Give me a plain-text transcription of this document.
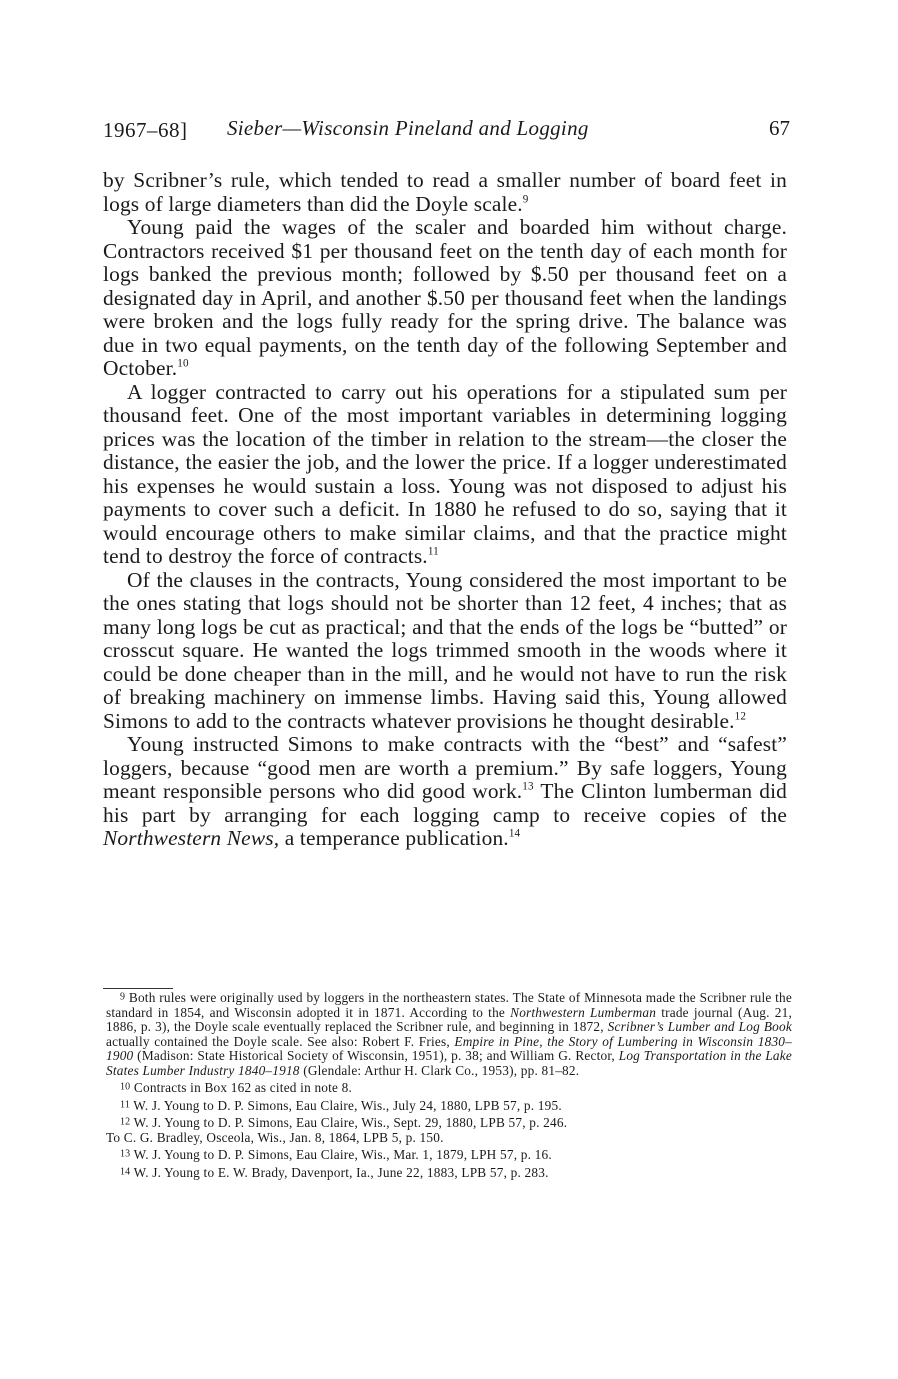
1967–68] Sieber—Wisconsin Pineland and Logging	67

by Scribner’s rule, which tended to read a smaller number of board feet in logs of large diameters than did the Doyle scale.$^9$

Young paid the wages of the scaler and boarded him without charge. Contractors received $1 per thousand feet on the tenth day of each month for logs banked the previous month; followed by $.50 per thousand feet on a designated day in April, and another $.50 per thousand feet when the landings were broken and the logs fully ready for the spring drive. The balance was due in two equal payments, on the tenth day of the following September and October.$^{10}$

A logger contracted to carry out his operations for a stipulated sum per thousand feet. One of the most important variables in determining logging prices was the location of the timber in relation to the stream—the closer the distance, the easier the job, and the lower the price. If a logger underestimated his expenses he would sustain a loss. Young was not disposed to adjust his payments to cover such a deficit. In 1880 he refused to do so, saying that it would encourage others to make similar claims, and that the practice might tend to destroy the force of contracts.$^{11}$

Of the clauses in the contracts, Young considered the most important to be the ones stating that logs should not be shorter than 12 feet, 4 inches; that as many long logs be cut as practical; and that the ends of the logs be “butted” or crosscut square. He wanted the logs trimmed smooth in the woods where it could be done cheaper than in the mill, and he would not have to run the risk of breaking machinery on immense limbs. Having said this, Young allowed Simons to add to the contracts whatever provisions he thought desirable.$^{12}$

Young instructed Simons to make contracts with the “best” and “safest” loggers, because “good men are worth a premium.” By safe loggers, Young meant responsible persons who did good work.$^{13}$ The Clinton lumberman did his part by arranging for each logging camp to receive copies of the Northwestern News, a temperance publication.$^{14}$

$^9$ Both rules were originally used by loggers in the northeastern states. The State of Minnesota made the Scribner rule the standard in 1854, and Wisconsin adopted it in 1871. According to the Northwestern Lumberman trade journal (Aug. 21, 1886, p. 3), the Doyle scale eventually replaced the Scribner rule, and beginning in 1872, Scribner’s Lumber and Log Book actually contained the Doyle scale. See also: Robert F. Fries, Empire in Pine, the Story of Lumbering in Wisconsin 1830–1900 (Madison: State Historical Society of Wisconsin, 1951), p. 38; and William G. Rector, Log Transportation in the Lake States Lumber Industry 1840–1918 (Glendale: Arthur H. Clark Co., 1953), pp. 81–82.

$^{10}$ Contracts in Box 162 as cited in note 8.

$^{11}$ W. J. Young to D. P. Simons, Eau Claire, Wis., July 24, 1880, LPB 57, p. 195.

$^{12}$ W. J. Young to D. P. Simons, Eau Claire, Wis., Sept. 29, 1880, LPB 57, p. 246.

To C. G. Bradley, Osceola, Wis., Jan. 8, 1864, LPB 5, p. 150.

$^{13}$ W. J. Young to D. P. Simons, Eau Claire, Wis., Mar. 1, 1879, LPH 57, p. 16.

$^{14}$ W. J. Young to E. W. Brady, Davenport, Ia., June 22, 1883, LPB 57, p. 283.
